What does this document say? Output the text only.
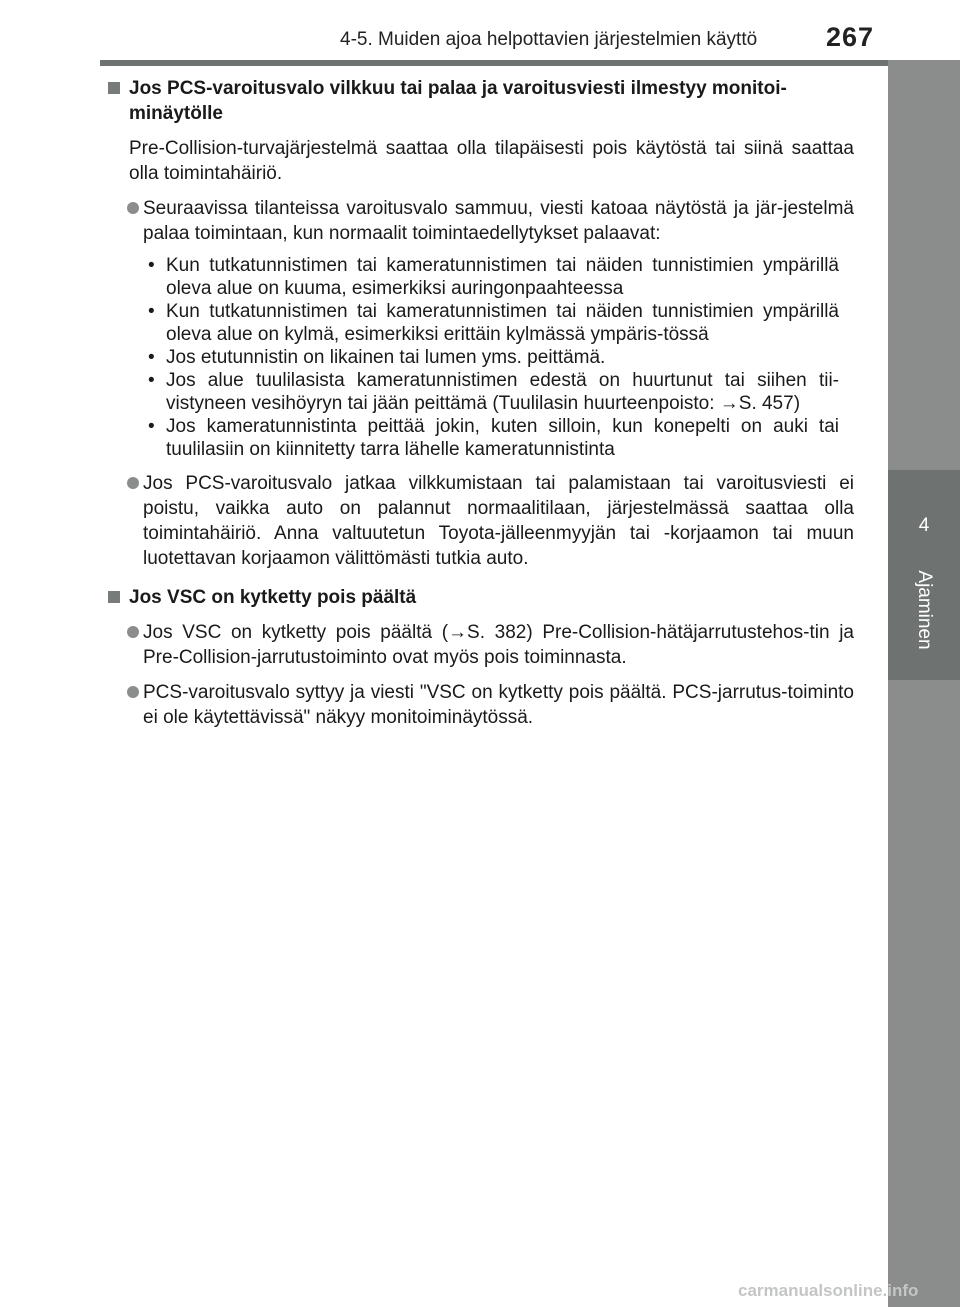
4-5. Muiden ajoa helpottavien järjestelmien käyttö	267
4
Ajaminen
Jos PCS-varoitusvalo vilkkuu tai palaa ja varoitusviesti ilmestyy monitoi-minäytölle
Pre-Collision-turvajärjestelmä saattaa olla tilapäisesti pois käytöstä tai siinä saattaa olla toimintahäiriö.
Seuraavissa tilanteissa varoitusvalo sammuu, viesti katoaa näytöstä ja jär-jestelmä palaa toimintaan, kun normaalit toimintaedellytykset palaavat:
• Kun tutkatunnistimen tai kameratunnistimen tai näiden tunnistimien ympärillä oleva alue on kuuma, esimerkiksi auringonpaahteessa
• Kun tutkatunnistimen tai kameratunnistimen tai näiden tunnistimien ympärillä oleva alue on kylmä, esimerkiksi erittäin kylmässä ympäris-tössä
• Jos etutunnistin on likainen tai lumen yms. peittämä.
• Jos alue tuulilasista kameratunnistimen edestä on huurtunut tai siihen tii-vistyneen vesihöyryn tai jään peittämä (Tuulilasin huurteenpoisto: →S. 457)
• Jos kameratunnistinta peittää jokin, kuten silloin, kun konepelti on auki tai tuulilasiin on kiinnitetty tarra lähelle kameratunnistinta
Jos PCS-varoitusvalo jatkaa vilkkumistaan tai palamistaan tai varoitusviesti ei poistu, vaikka auto on palannut normaalitilaan, järjestelmässä saattaa olla toimintahäiriö. Anna valtuutetun Toyota-jälleenmyyjän tai -korjaamon tai muun luotettavan korjaamon välittömästi tutkia auto.
Jos VSC on kytketty pois päältä
Jos VSC on kytketty pois päältä (→S. 382) Pre-Collision-hätäjarrutustehos-tin ja Pre-Collision-jarrutustoiminto ovat myös pois toiminnasta.
PCS-varoitusvalo syttyy ja viesti "VSC on kytketty pois päältä. PCS-jarrutus-toiminto ei ole käytettävissä" näkyy monitoiminäytössä.
carmanualsonline.info
